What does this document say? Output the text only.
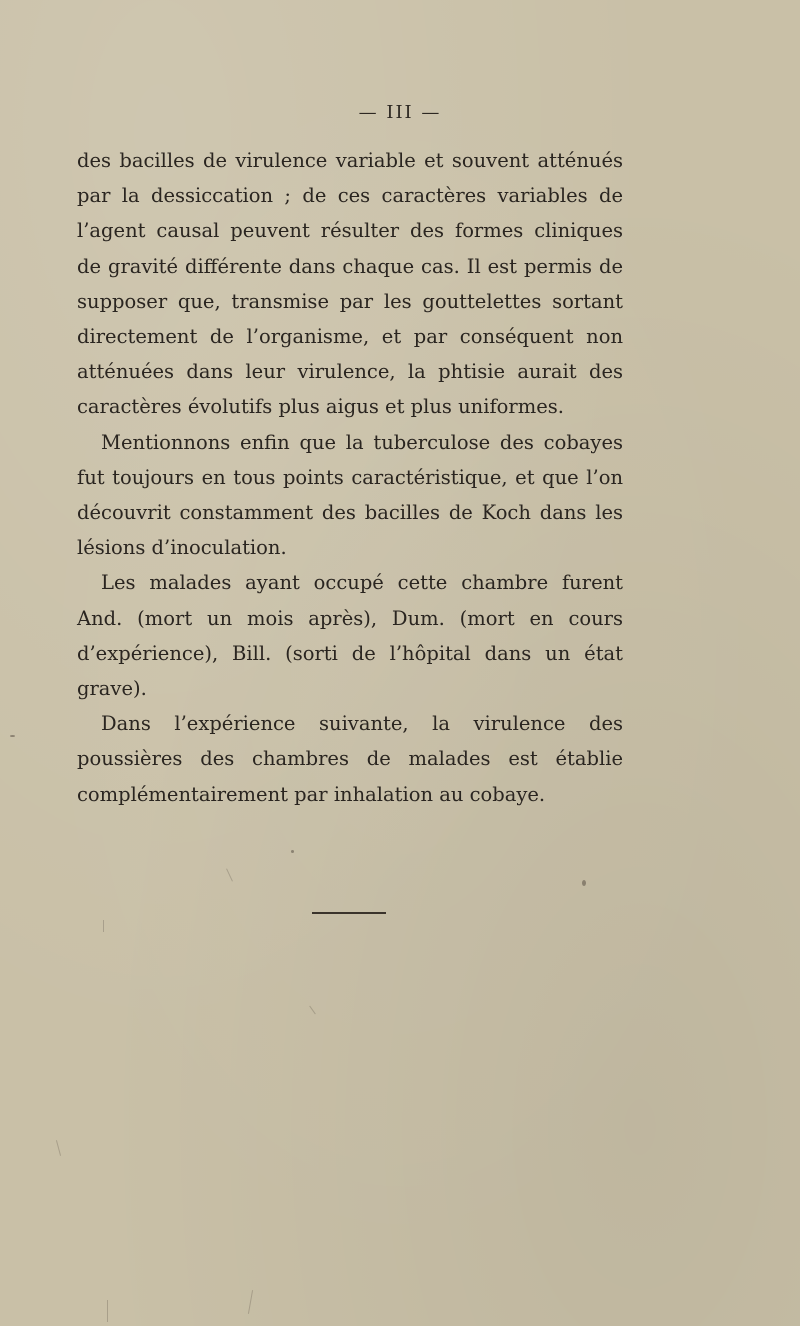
— III —

des bacilles de virulence variable et souvent atténués par la dessiccation ; de ces caractères variables de l’agent causal peuvent résulter des formes cliniques de gravité différente dans chaque cas. Il est permis de supposer que, transmise par les gouttelettes sortant directement de l’organisme, et par conséquent non atténuées dans leur virulence, la phtisie aurait des caractères évolutifs plus aigus et plus uniformes.

Mentionnons enfin que la tuberculose des cobayes fut toujours en tous points caractéristique, et que l’on découvrit constamment des bacilles de Koch dans les lésions d’inoculation.

Les malades ayant occupé cette chambre furent And. (mort un mois après), Dum. (mort en cours d’expérience), Bill. (sorti de l’hôpital dans un état grave).

Dans l’expérience suivante, la virulence des poussières des chambres de malades est établie complémentairement par inhalation au cobaye.
